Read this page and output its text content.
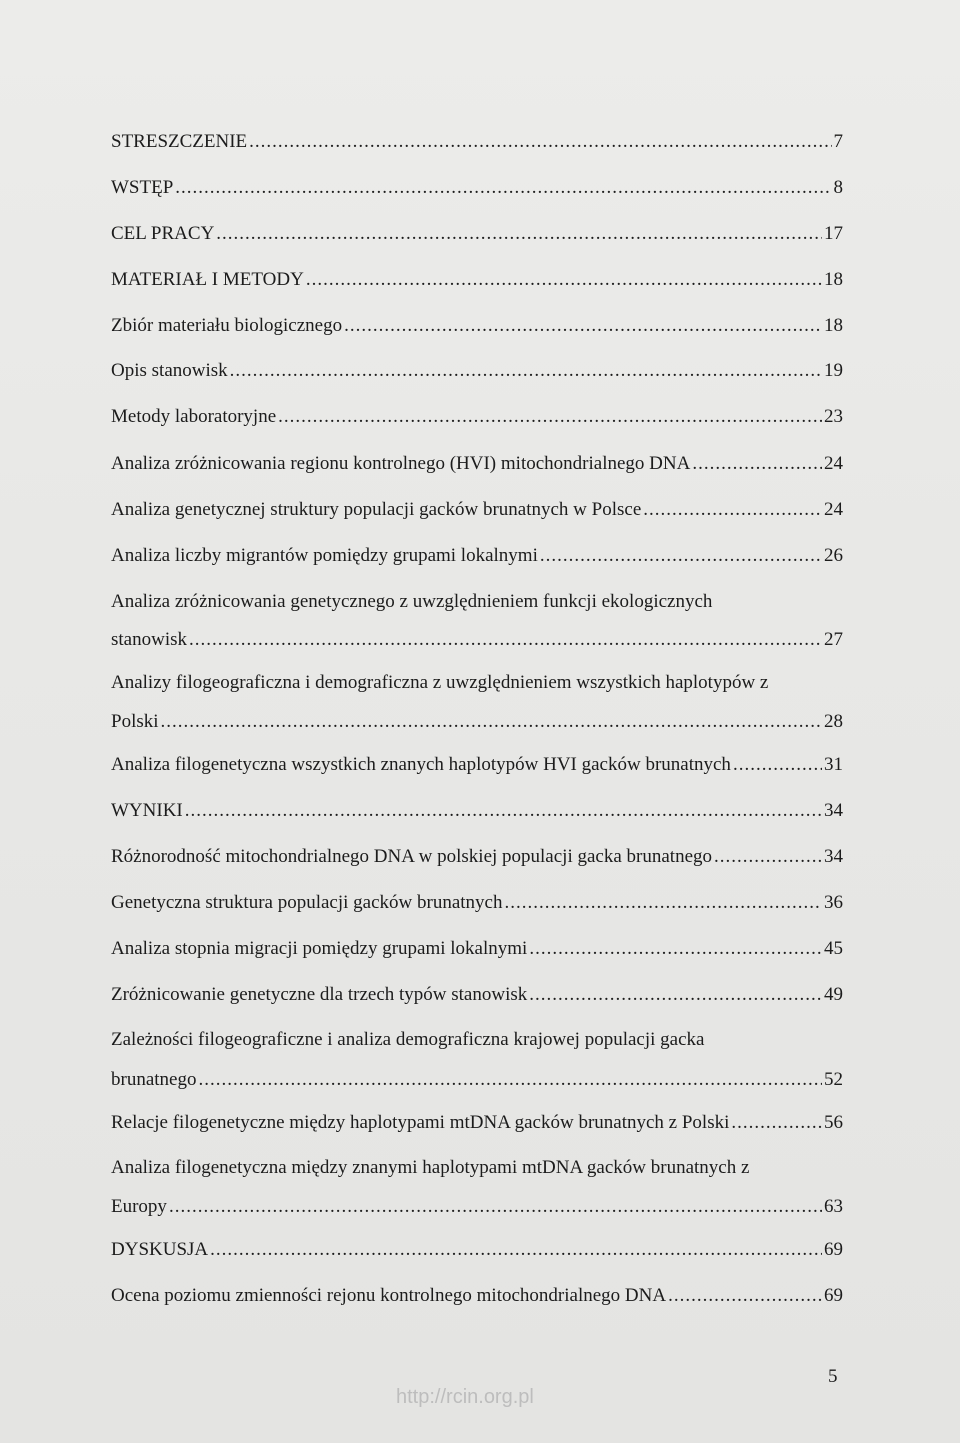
STRESZCZENIE .....	7
WSTĘP .....	8
CEL PRACY .....	17
MATERIAŁ I METODY .....	18
Zbiór materiału biologicznego .....	18
Opis stanowisk .....	19
Metody laboratoryjne .....	23
Analiza zróżnicowania regionu kontrolnego (HVI) mitochondrialnego DNA .....	24
Analiza genetycznej struktury populacji gacków brunatnych w Polsce .....	24
Analiza liczby migrantów pomiędzy grupami lokalnymi .....	26
Analiza zróżnicowania genetycznego z uwzględnieniem funkcji ekologicznych
stanowisk .....	27
Analizy filogeograficzna i demograficzna z uwzględnieniem wszystkich haplotypów z
Polski .....	28
Analiza filogenetyczna wszystkich znanych haplotypów HVI gacków brunatnych .....	31
WYNIKI .....	34
Różnorodność mitochondrialnego DNA w polskiej populacji gacka brunatnego .....	34
Genetyczna struktura populacji gacków brunatnych .....	36
Analiza stopnia migracji pomiędzy grupami lokalnymi .....	45
Zróżnicowanie genetyczne dla trzech typów stanowisk .....	49
Zależności filogeograficzne i analiza demograficzna krajowej populacji gacka
brunatnego .....	52
Relacje filogenetyczne między haplotypami mtDNA gacków brunatnych z Polski .....	56
Analiza filogenetyczna między znanymi haplotypami mtDNA gacków brunatnych z
Europy .....	63
DYSKUSJA .....	69
Ocena poziomu zmienności rejonu kontrolnego mitochondrialnego DNA .....	69
5
http://rcin.org.pl
